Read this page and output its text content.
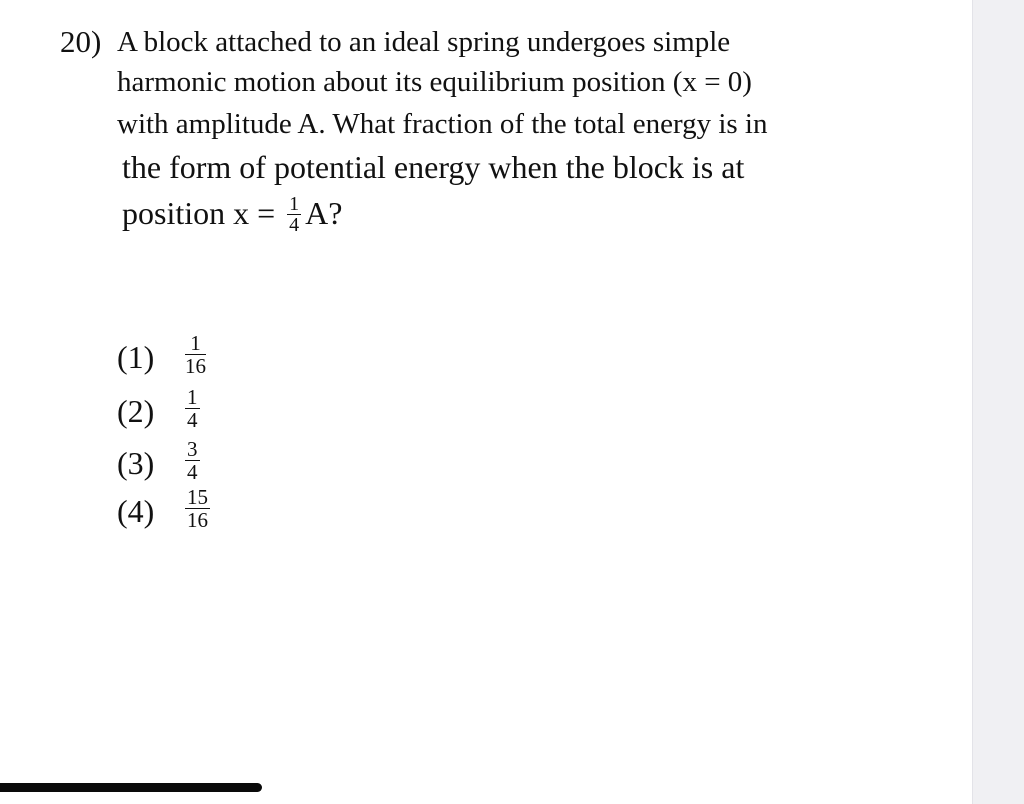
20) A block attached to an ideal spring undergoes simple
harmonic motion about its equilibrium position (x = 0)
with amplitude A. What fraction of the total energy is in
the form of potential energy when the block is at
position $x = \frac{1}{4} A$?
$(1) \frac{1}{16}$
$(2) \frac{1}{4}$
$(3) \frac{3}{4}$
$(4) \frac{15}{16}$
